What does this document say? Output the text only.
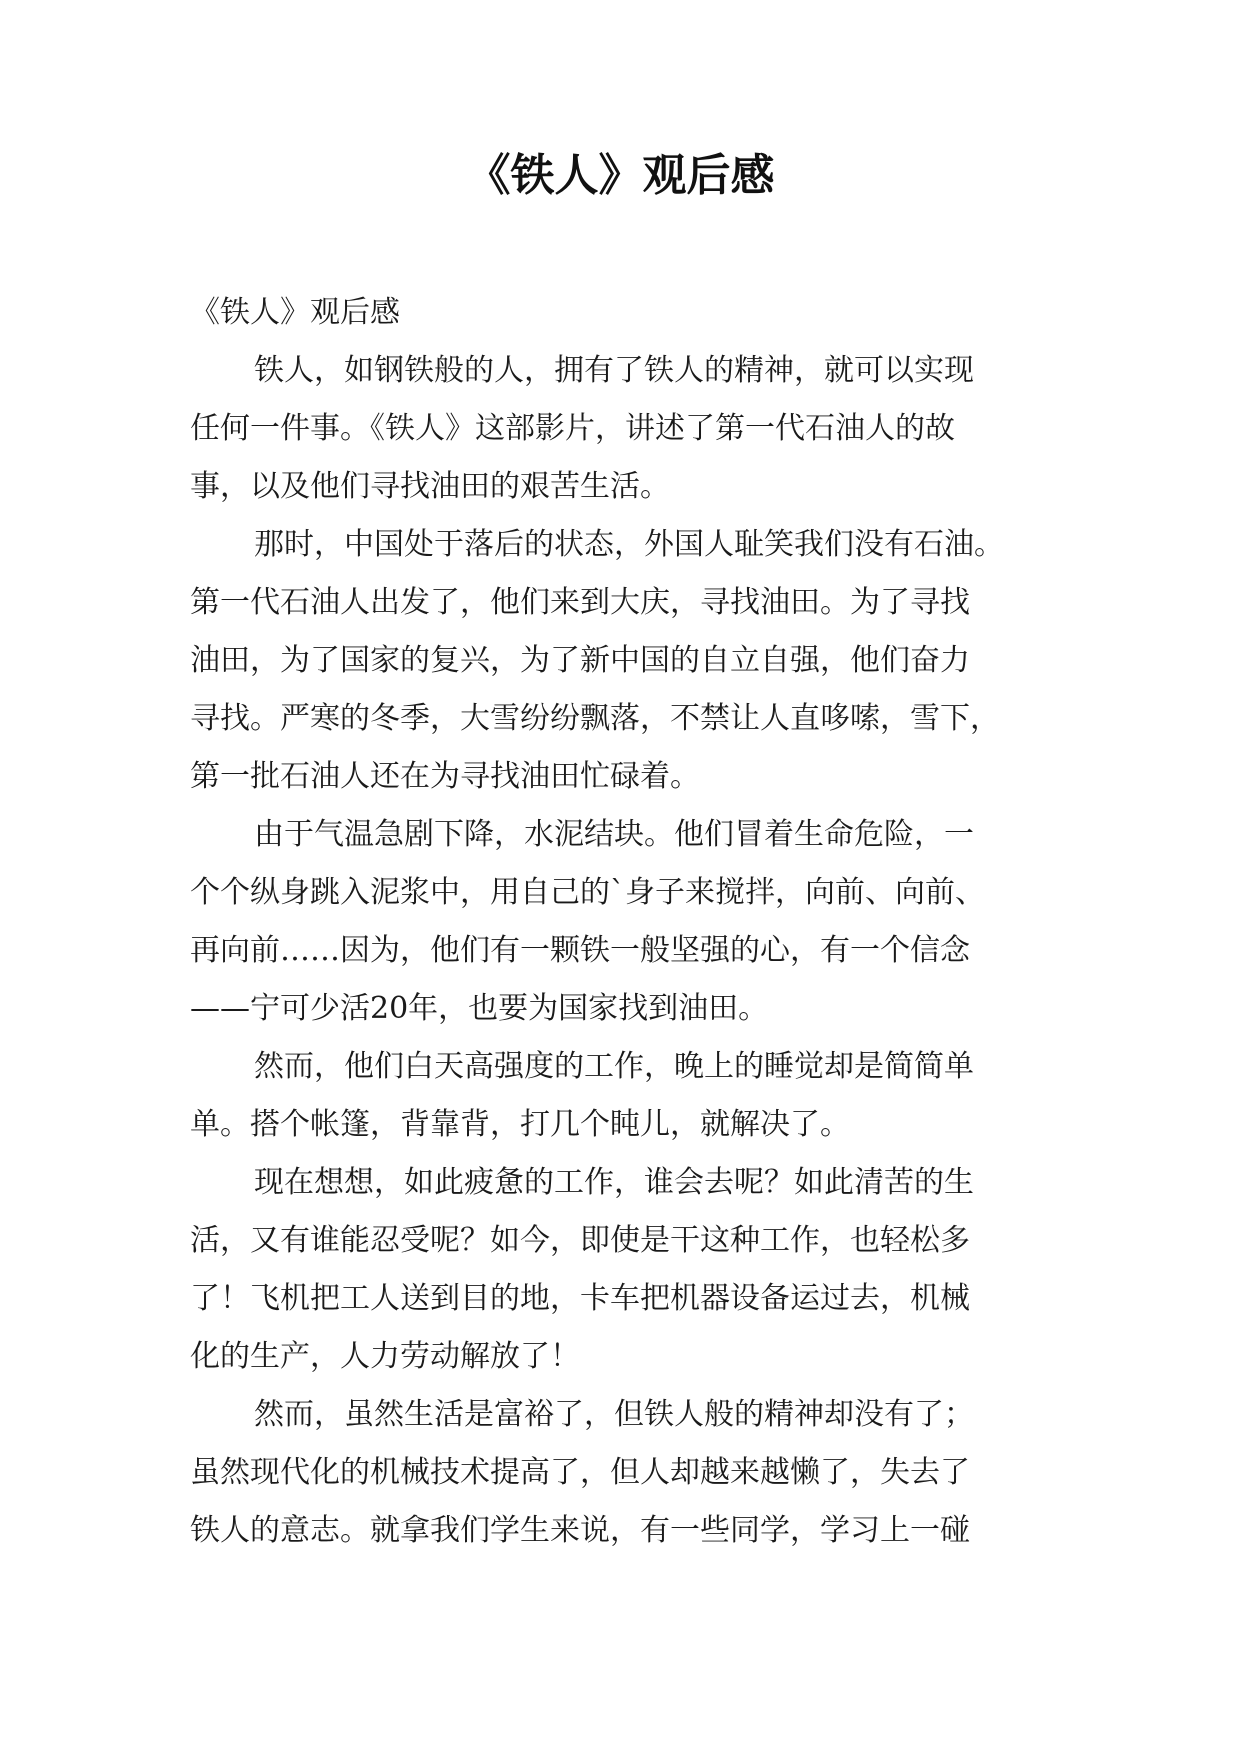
《铁人》观后感

《铁人》观后感

铁人，如钢铁般的人，拥有了铁人的精神，就可以实现
任何一件事。《铁人》这部影片，讲述了第一代石油人的故
事，以及他们寻找油田的艰苦生活。

那时，中国处于落后的状态，外国人耻笑我们没有石油。
第一代石油人出发了，他们来到大庆，寻找油田。为了寻找
油田，为了国家的复兴，为了新中国的自立自强，他们奋力
寻找。严寒的冬季，大雪纷纷飘落，不禁让人直哆嗦，雪下，
第一批石油人还在为寻找油田忙碌着。

由于气温急剧下降，水泥结块。他们冒着生命危险，一
个个纵身跳入泥浆中，用自己的`身子来搅拌，向前、向前、
再向前……因为，他们有一颗铁一般坚强的心，有一个信念
——宁可少活20年，也要为国家找到油田。

然而，他们白天高强度的工作，晚上的睡觉却是简简单
单。搭个帐篷，背靠背，打几个盹儿，就解决了。

现在想想，如此疲惫的工作，谁会去呢？如此清苦的生
活，又有谁能忍受呢？如今，即使是干这种工作，也轻松多
了！飞机把工人送到目的地，卡车把机器设备运过去，机械
化的生产，人力劳动解放了！

然而，虽然生活是富裕了，但铁人般的精神却没有了；
虽然现代化的机械技术提高了，但人却越来越懒了，失去了
铁人的意志。就拿我们学生来说，有一些同学，学习上一碰
